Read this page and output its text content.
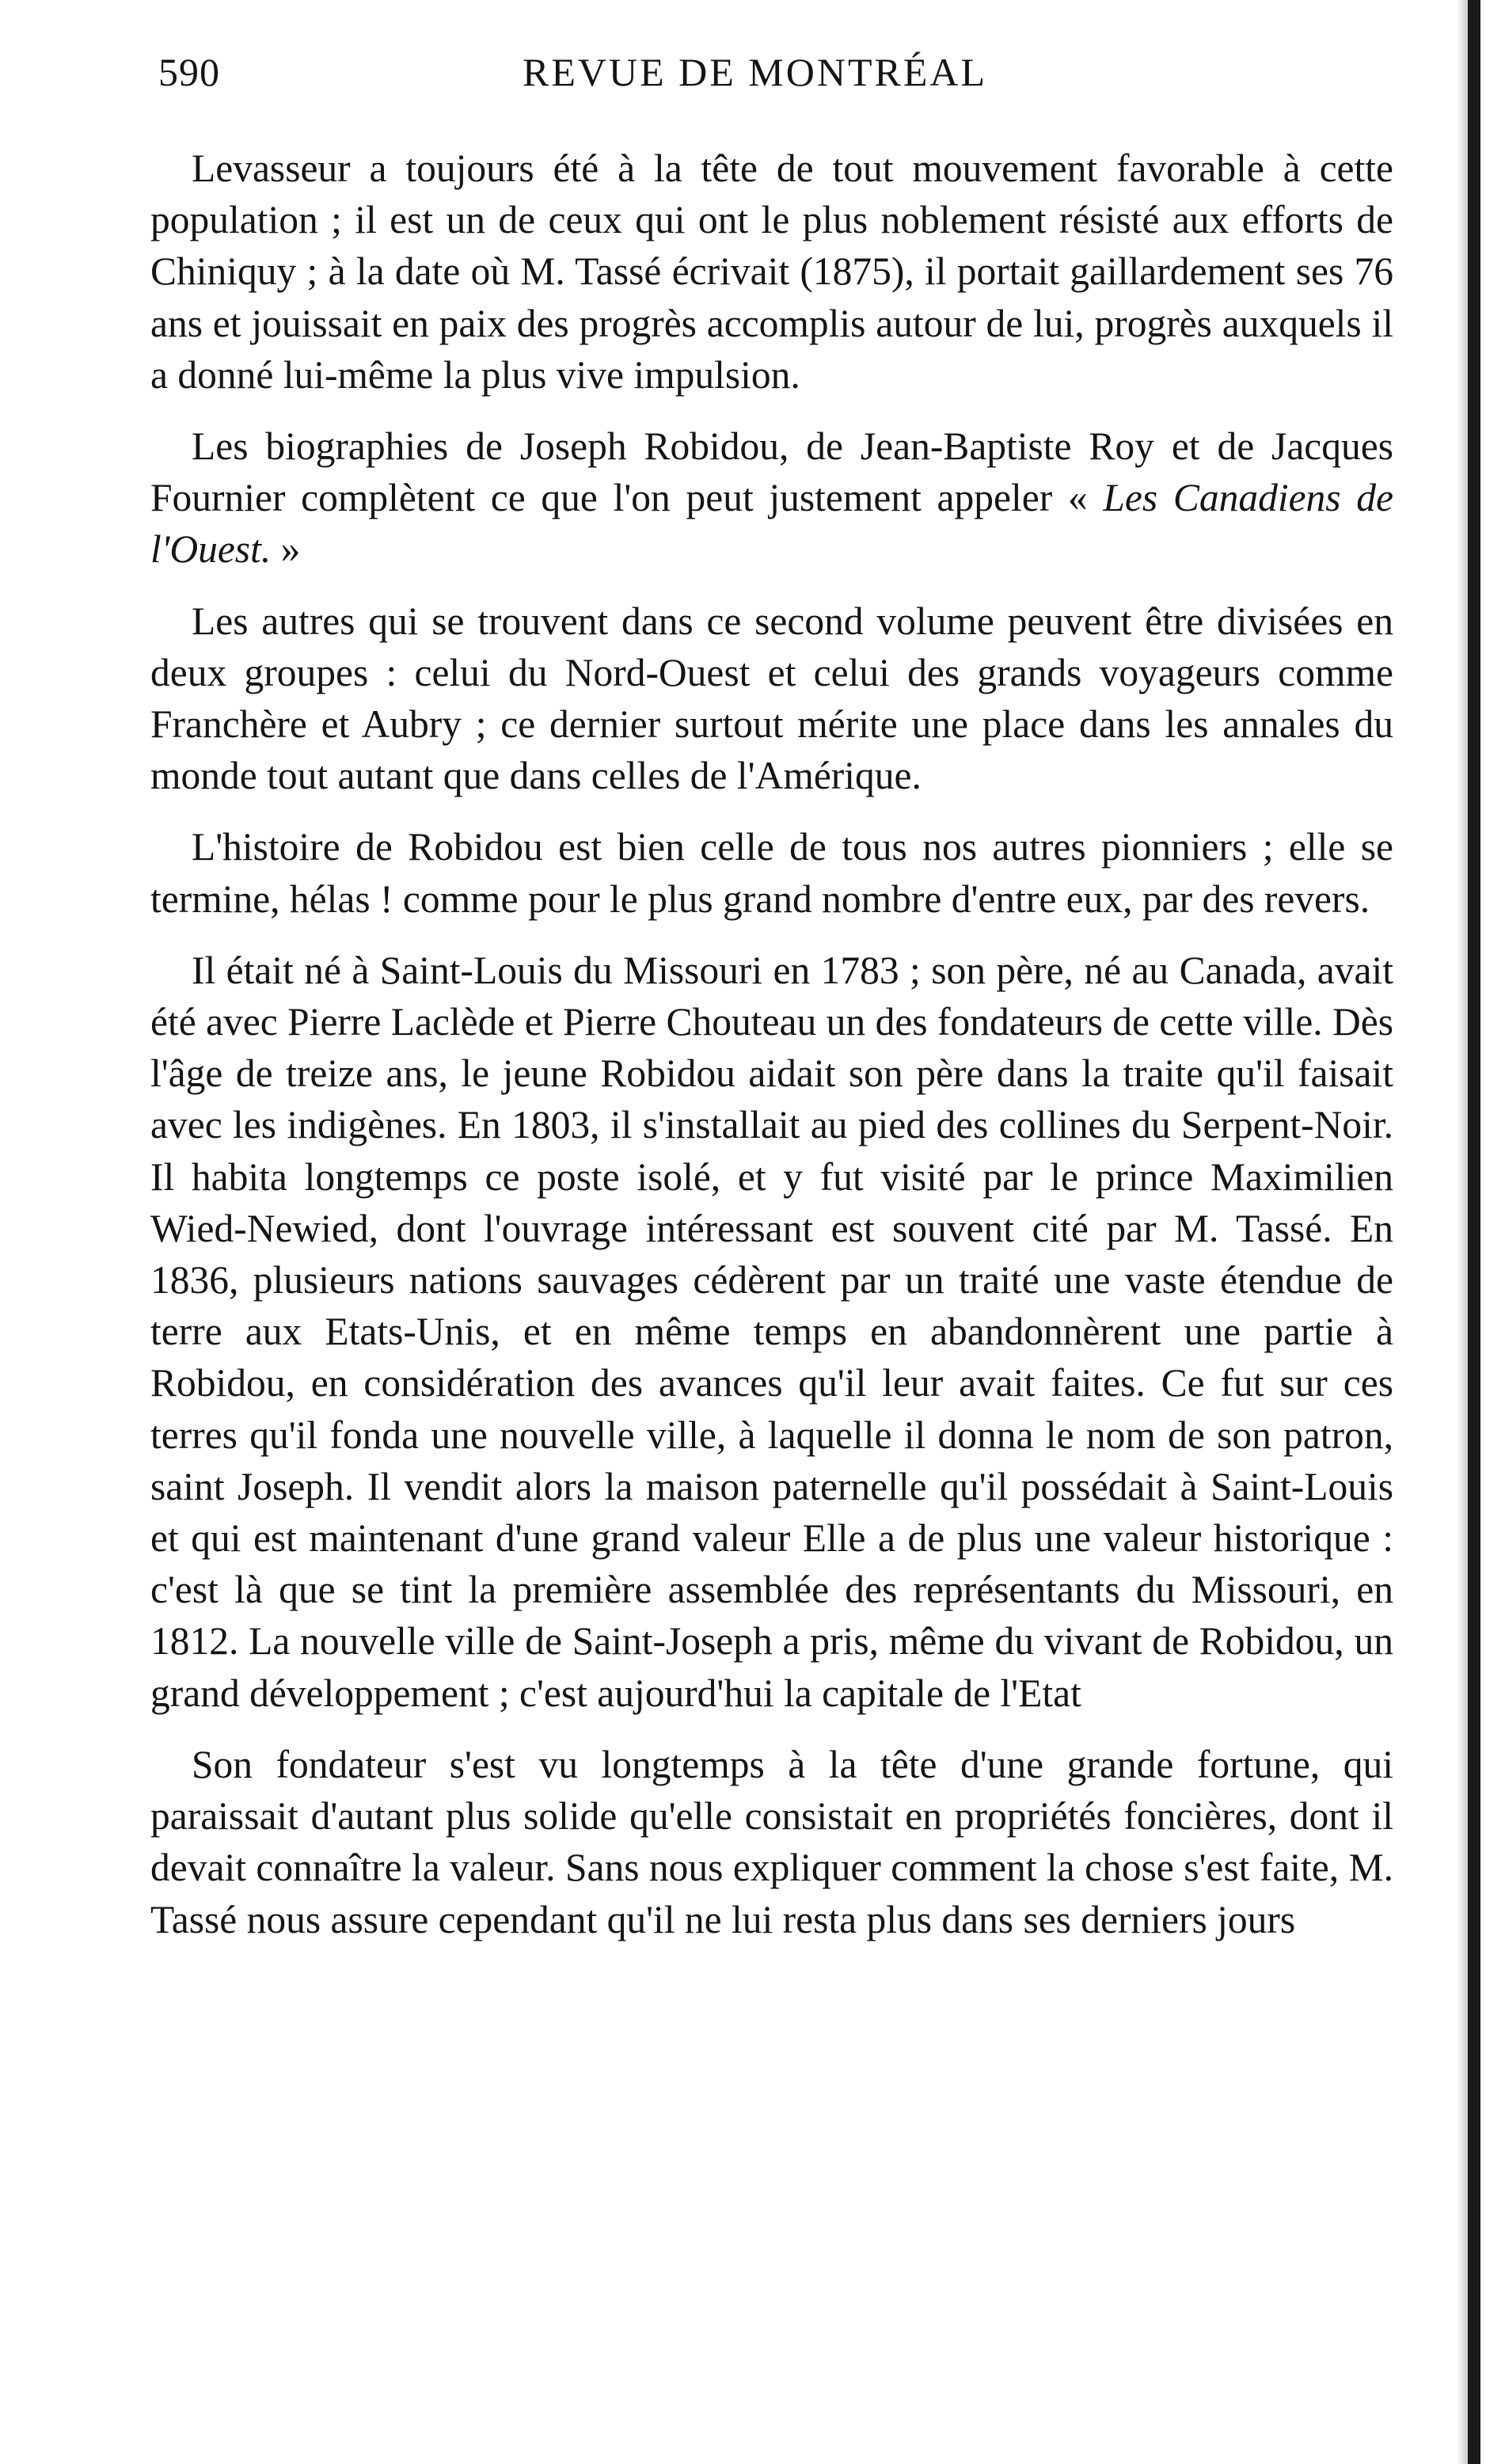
590	REVUE DE MONTRÉAL

Levasseur a toujours été à la tête de tout mouvement favorable à cette population ; il est un de ceux qui ont le plus noblement résisté aux efforts de Chiniquy ; à la date où M. Tassé écrivait (1875), il portait gaillardement ses 76 ans et jouissait en paix des progrès accomplis autour de lui, progrès auxquels il a donné lui-même la plus vive impulsion.

Les biographies de Joseph Robidou, de Jean-Baptiste Roy et de Jacques Fournier complètent ce que l'on peut justement appeler « Les Canadiens de l'Ouest. »

Les autres qui se trouvent dans ce second volume peuvent être divisées en deux groupes : celui du Nord-Ouest et celui des grands voyageurs comme Franchère et Aubry ; ce dernier surtout mérite une place dans les annales du monde tout autant que dans celles de l'Amérique.

L'histoire de Robidou est bien celle de tous nos autres pionniers ; elle se termine, hélas ! comme pour le plus grand nombre d'entre eux, par des revers.

Il était né à Saint-Louis du Missouri en 1783 ; son père, né au Canada, avait été avec Pierre Laclède et Pierre Chouteau un des fondateurs de cette ville. Dès l'âge de treize ans, le jeune Robidou aidait son père dans la traite qu'il faisait avec les indigènes. En 1803, il s'installait au pied des collines du Serpent-Noir. Il habita longtemps ce poste isolé, et y fut visité par le prince Maximilien Wied-Newied, dont l'ouvrage intéressant est souvent cité par M. Tassé. En 1836, plusieurs nations sauvages cédèrent par un traité une vaste étendue de terre aux Etats-Unis, et en même temps en abandonnèrent une partie à Robidou, en considération des avances qu'il leur avait faites. Ce fut sur ces terres qu'il fonda une nouvelle ville, à laquelle il donna le nom de son patron, saint Joseph. Il vendit alors la maison paternelle qu'il possédait à Saint-Louis et qui est maintenant d'une grand valeur Elle a de plus une valeur historique : c'est là que se tint la première assemblée des représentants du Missouri, en 1812. La nouvelle ville de Saint-Joseph a pris, même du vivant de Robidou, un grand développement ; c'est aujourd'hui la capitale de l'Etat

Son fondateur s'est vu longtemps à la tête d'une grande fortune, qui paraissait d'autant plus solide qu'elle consistait en propriétés foncières, dont il devait connaître la valeur. Sans nous expliquer comment la chose s'est faite, M. Tassé nous assure cependant qu'il ne lui resta plus dans ses derniers jours
